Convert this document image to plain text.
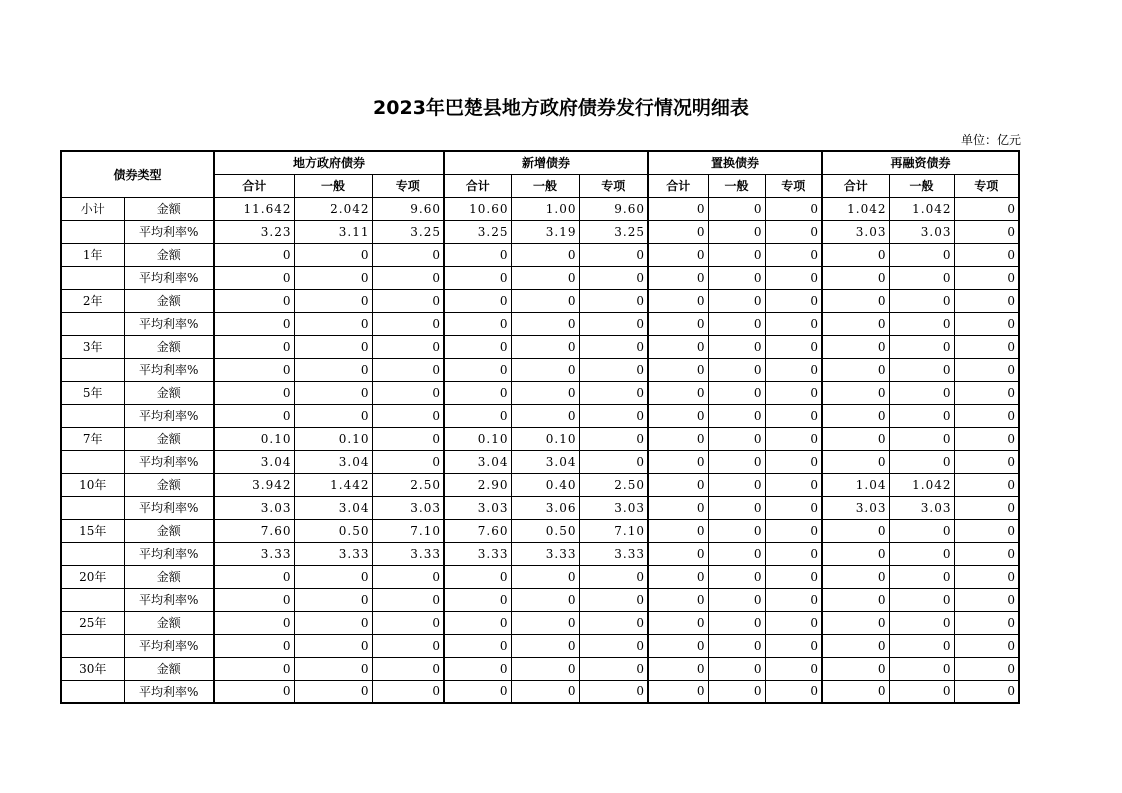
2023年巴楚县地方政府债券发行情况明细表
单位：亿元
债券类型		地方政府债券			新增债券			置换债券			再融资债券		
		合计	一般	专项	合计	一般	专项	合计	一般	专项	合计	一般	专项
小计	金额	11.642	2.042	9.60	10.60	1.00	9.60	0	0	0	1.042	1.042	0
	平均利率%	3.23	3.11	3.25	3.25	3.19	3.25	0	0	0	3.03	3.03	0
1年	金额	0	0	0	0	0	0	0	0	0	0	0	0
	平均利率%	0	0	0	0	0	0	0	0	0	0	0	0
2年	金额	0	0	0	0	0	0	0	0	0	0	0	0
	平均利率%	0	0	0	0	0	0	0	0	0	0	0	0
3年	金额	0	0	0	0	0	0	0	0	0	0	0	0
	平均利率%	0	0	0	0	0	0	0	0	0	0	0	0
5年	金额	0	0	0	0	0	0	0	0	0	0	0	0
	平均利率%	0	0	0	0	0	0	0	0	0	0	0	0
7年	金额	0.10	0.10	0	0.10	0.10	0	0	0	0	0	0	0
	平均利率%	3.04	3.04	0	3.04	3.04	0	0	0	0	0	0	0
10年	金额	3.942	1.442	2.50	2.90	0.40	2.50	0	0	0	1.04	1.042	0
	平均利率%	3.03	3.04	3.03	3.03	3.06	3.03	0	0	0	3.03	3.03	0
15年	金额	7.60	0.50	7.10	7.60	0.50	7.10	0	0	0	0	0	0
	平均利率%	3.33	3.33	3.33	3.33	3.33	3.33	0	0	0	0	0	0
20年	金额	0	0	0	0	0	0	0	0	0	0	0	0
	平均利率%	0	0	0	0	0	0	0	0	0	0	0	0
25年	金额	0	0	0	0	0	0	0	0	0	0	0	0
	平均利率%	0	0	0	0	0	0	0	0	0	0	0	0
30年	金额	0	0	0	0	0	0	0	0	0	0	0	0
	平均利率%	0	0	0	0	0	0	0	0	0	0	0	0
